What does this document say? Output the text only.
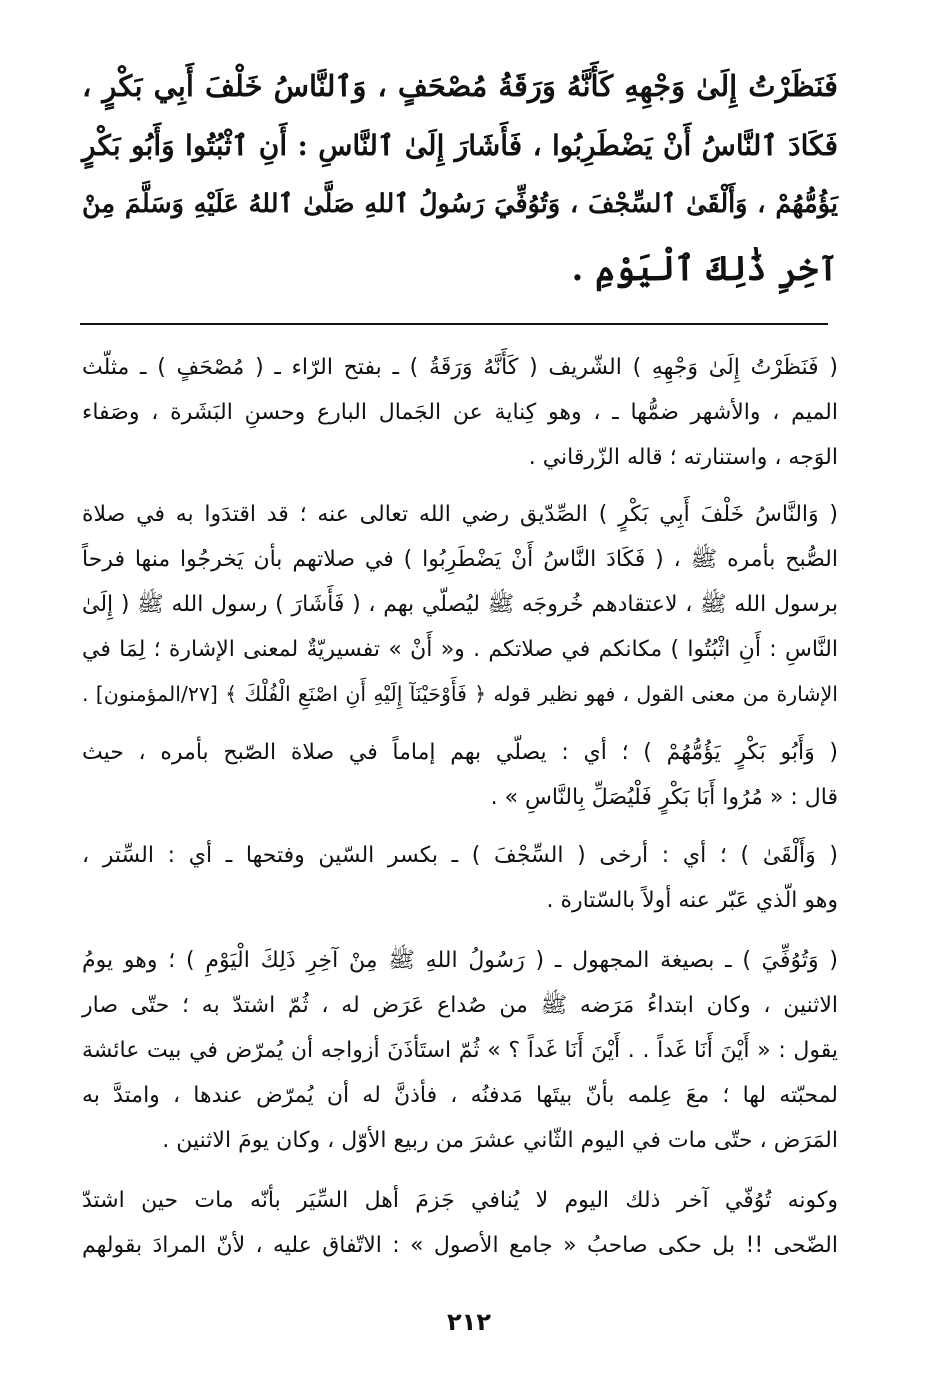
فَنَظَرْتُ إِلَىٰ وَجْهِهِ كَأَنَّهُ وَرَقَةُ مُصْحَفٍ ، وَٱلنَّاسُ خَلْفَ أَبِي بَكْرٍ ،
فَكَادَ ٱلنَّاسُ أَنْ يَضْطَرِبُوا ، فَأَشَارَ إِلَىٰ ٱلنَّاسِ : أَنِ ٱثْبُتُوا وَأَبُو بَكْرٍ
يَؤُمُّهُمْ ، وَأَلْقَىٰ ٱلسِّجْفَ ، وَتُوُفِّيَ رَسُولُ ٱللهِ صَلَّىٰ ٱللهُ عَلَيْهِ وَسَلَّمَ مِنْ
آخِرِ ذَٰلِكَ ٱلْيَوْمِ .
( فَنَظَرْتُ إِلَىٰ وَجْهِهِ ) الشّريف ( كَأَنَّهُ وَرَقَةُ ) ـ بفتح الرّاء ـ ( مُصْحَفٍ ) ـ مثلّث
الميم ، والأشهر ضمُّها ـ ، وهو كِناية عن الجَمال البارع وحسنِ البَشَرة ، وصَفاء
الوَجه ، واستنارته ؛ قاله الزّرقاني .
( وَالنَّاسُ خَلْفَ أَبِي بَكْرٍ ) الصِّدّيق رضي الله تعالى عنه ؛ قد اقتدَوا به في صلاة
الصُّبح بأمره ﷺ ، ( فَكَادَ النَّاسُ أَنْ يَضْطَرِبُوا ) في صلاتهم بأن يَخرجُوا منها فرحاً
برسول الله ﷺ ، لاعتقادهم خُروجَه ﷺ ليُصلّي بهم ، ( فَأَشَارَ ) رسول الله ﷺ ( إِلَىٰ
النَّاسِ : أَنِ اثْبُتُوا ) مكانكم في صلاتكم . و« أَنْ » تفسيريّةٌ لمعنى الإشارة ؛ لِمَا في
الإشارة من معنى القول ، فهو نظير قوله ﴿ فَأَوْحَيْنَآ إِلَيْهِ أَنِ اصْنَعِ الْفُلْكَ ﴾ [٢٧/المؤمنون] .
( وَأَبُو بَكْرٍ يَؤُمُّهُمْ ) ؛ أي : يصلّي بهم إماماً في صلاة الصّبح بأمره ، حيث
قال : « مُرُوا أَبَا بَكْرٍ فَلْيُصَلِّ بِالنَّاسِ » .
( وَأَلْقَىٰ ) ؛ أي : أرخى ( السِّجْفَ ) ـ بكسر السّين وفتحها ـ أي : السِّتر ،
وهو الّذي عَبّر عنه أولاً بالسّتارة .
( وَتُوُفِّيَ ) ـ بصيغة المجهول ـ ( رَسُولُ اللهِ ﷺ مِنْ آخِرِ ذَلِكَ الْيَوْمِ ) ؛ وهو يومُ
الاثنين ، وكان ابتداءُ مَرَضه ﷺ من صُداع عَرَض له ، ثُمّ اشتدّ به ؛ حتّى صار
يقول : « أَيْنَ أَنَا غَداً . . أَيْنَ أَنَا غَداً ؟ » ثُمّ استَأذَنَ أزواجه أن يُمرّض في بيت عائشة
لمحبّته لها ؛ معَ عِلمه بأنّ بيتَها مَدفنُه ، فأذنَّ له أن يُمرّض عندها ، وامتدَّ به
المَرَض ، حتّى مات في اليوم الثّاني عشرَ من ربيع الأوّل ، وكان يومَ الاثنين .
وكونه تُوُفّي آخر ذلك اليوم لا يُنافي جَزمَ أهل السِّيَر بأنّه مات حين اشتدّ
الضّحى !! بل حكى صاحبُ « جامع الأصول » : الاتّفاق عليه ، لأنّ المرادَ بقولهم
٢١٢
